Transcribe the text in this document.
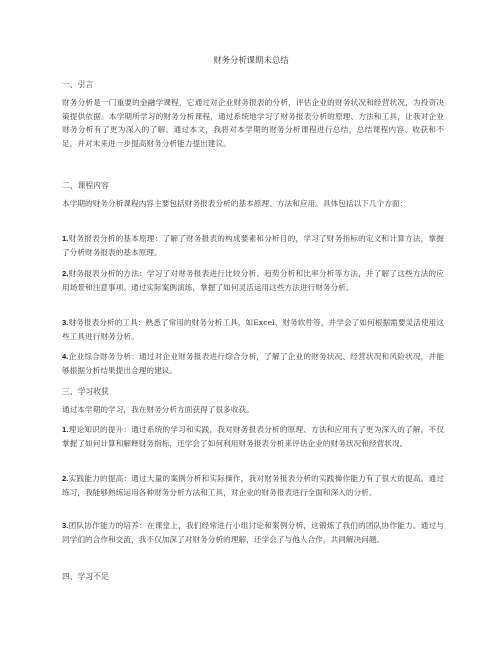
财务分析课期末总结
一、引言
财务分析是一门重要的金融学课程，它通过对企业财务报表的分析，评估企业的财务状况和经营状况，为投资决策提供依据。本学期所学习的财务分析课程，通过系统地学习了财务报表分析的原理、方法和工具，让我对企业财务分析有了更为深入的了解。通过本文，我将对本学期的财务分析课程进行总结，总结课程内容、收获和不足，并对未来进一步提高财务分析能力提出建议。
二、课程内容
本学期的财务分析课程内容主要包括财务报表分析的基本原理、方法和应用。具体包括以下几个方面：
1.财务报表分析的基本原理：了解了财务报表的构成要素和分析目的，学习了财务指标的定义和计算方法，掌握了分析财务报表的基本原理。
2.财务报表分析的方法：学习了对财务报表进行比较分析、趋势分析和比率分析等方法，并了解了这些方法的应用场景和注意事项。通过实际案例演练，掌握了如何灵活运用这些方法进行财务分析。
3.财务报表分析的工具：熟悉了常用的财务分析工具，如Excel、财务软件等，并学会了如何根据需要灵活使用这些工具进行财务分析。
4.企业综合财务分析：通过对企业财务报表进行综合分析，了解了企业的财务状况、经营状况和风险状况，并能够根据分析结果提出合理的建议。
三、学习收获
通过本学期的学习，我在财务分析方面获得了很多收获。
1.理论知识的提升：通过系统的学习和实践，我对财务报表分析的原理、方法和应用有了更为深入的了解。不仅掌握了如何计算和解释财务指标，还学会了如何利用财务报表分析来评估企业的财务状况和经营状况。
2.实践能力的提高：通过大量的案例分析和实际操作，我对财务报表分析的实践操作能力有了很大的提高。通过练习，我能够熟练运用各种财务分析方法和工具，对企业的财务报表进行全面和深入的分析。
3.团队协作能力的培养：在课堂上，我们经常进行小组讨论和案例分析，这锻炼了我们的团队协作能力。通过与同学们的合作和交流，我不仅加深了对财务分析的理解，还学会了与他人合作，共同解决问题。
四、学习不足
